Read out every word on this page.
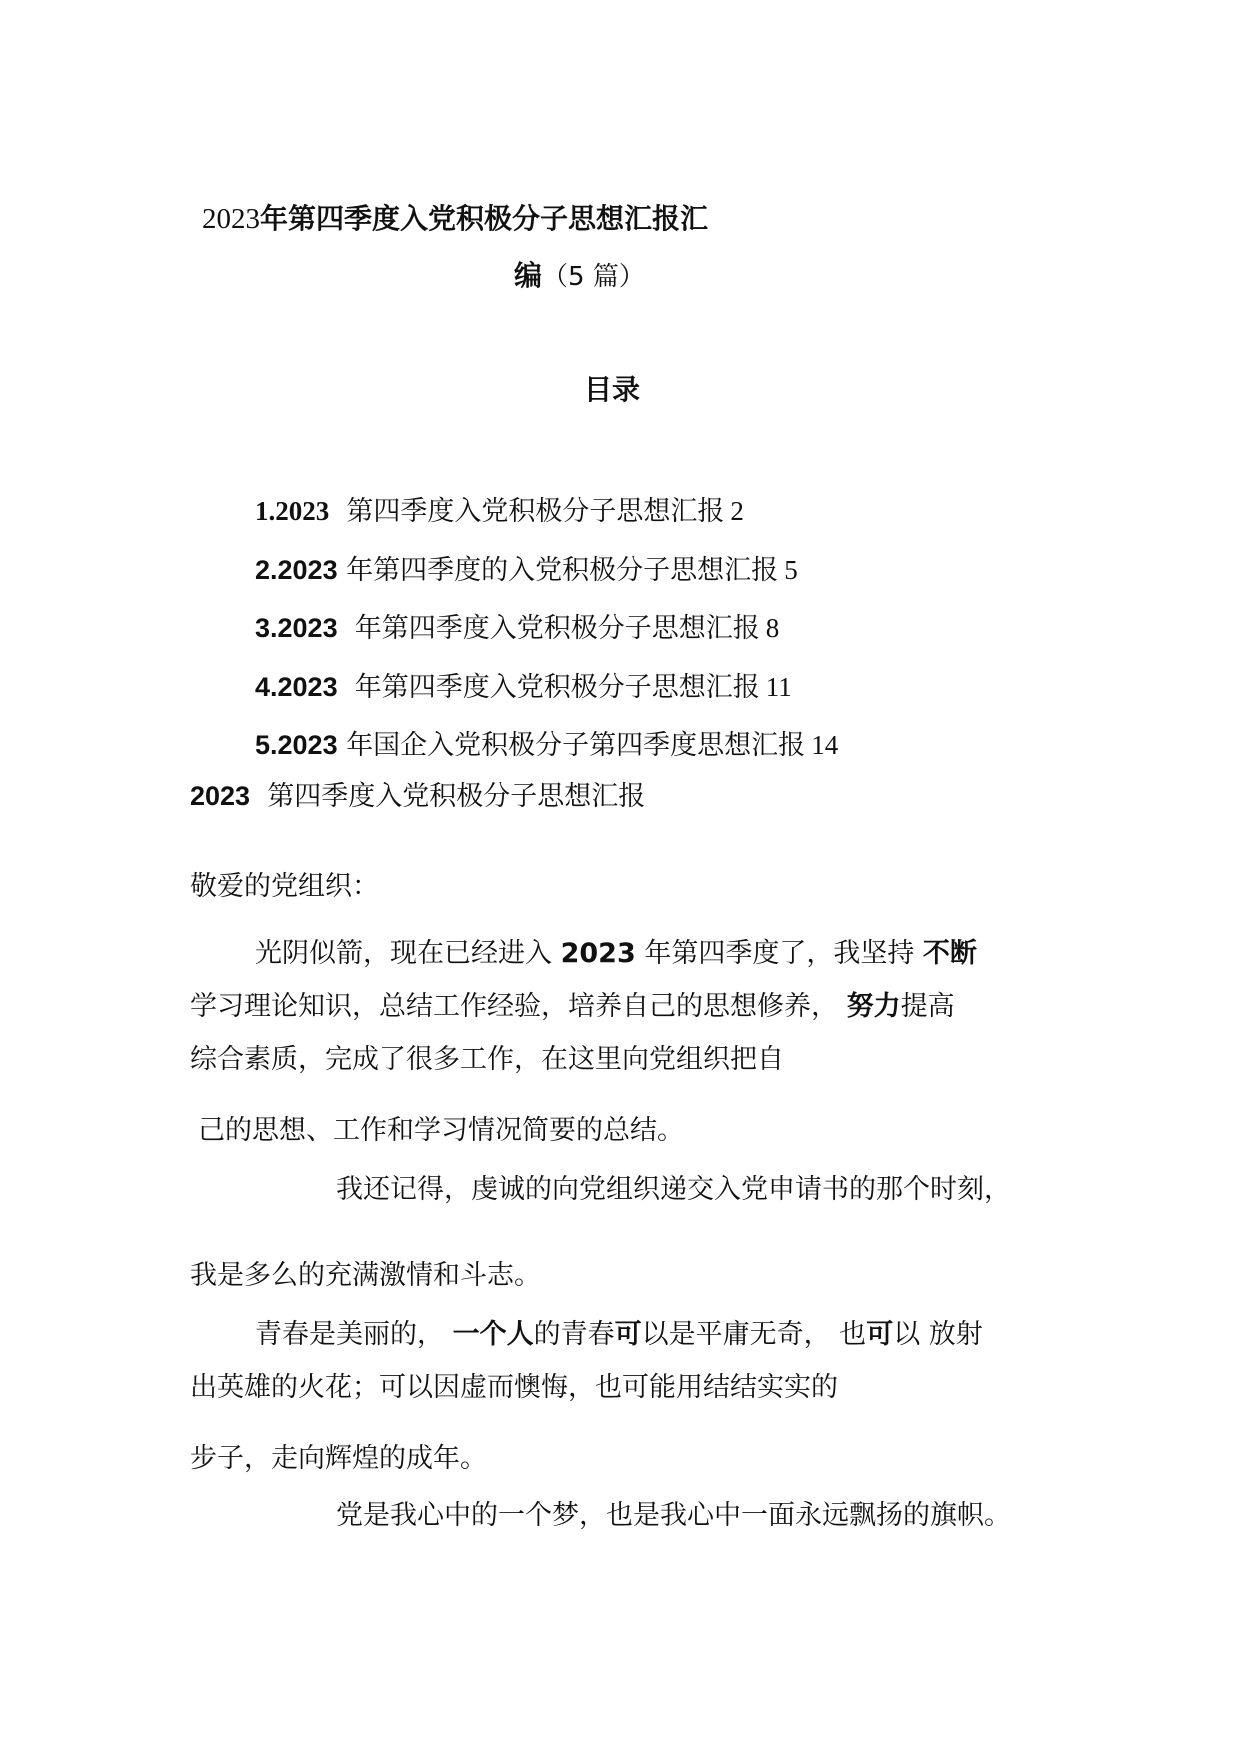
2023年第四季度入党积极分子思想汇报汇
编（5 篇）
目录
1.2023 第四季度入党积极分子思想汇报 2
2.2023 年第四季度的入党积极分子思想汇报 5
3.2023 年第四季度入党积极分子思想汇报 8
4.2023 年第四季度入党积极分子思想汇报 11
5.2023 年国企入党积极分子第四季度思想汇报 14
2023 第四季度入党积极分子思想汇报
敬爱的党组织：
光阴似箭，现在已经进入 2023 年第四季度了，我坚持 不断
学习理论知识，总结工作经验，培养自己的思想修养， 努力提高
综合素质，完成了很多工作，在这里向党组织把自
己的思想、工作和学习情况简要的总结。
我还记得，虔诚的向党组织递交入党申请书的那个时刻，
我是多么的充满激情和斗志。
青春是美丽的， 一个人的青春可以是平庸无奇， 也可以 放射
出英雄的火花；可以因虚而懊悔，也可能用结结实实的
步子，走向辉煌的成年。
党是我心中的一个梦，也是我心中一面永远飘扬的旗帜。
